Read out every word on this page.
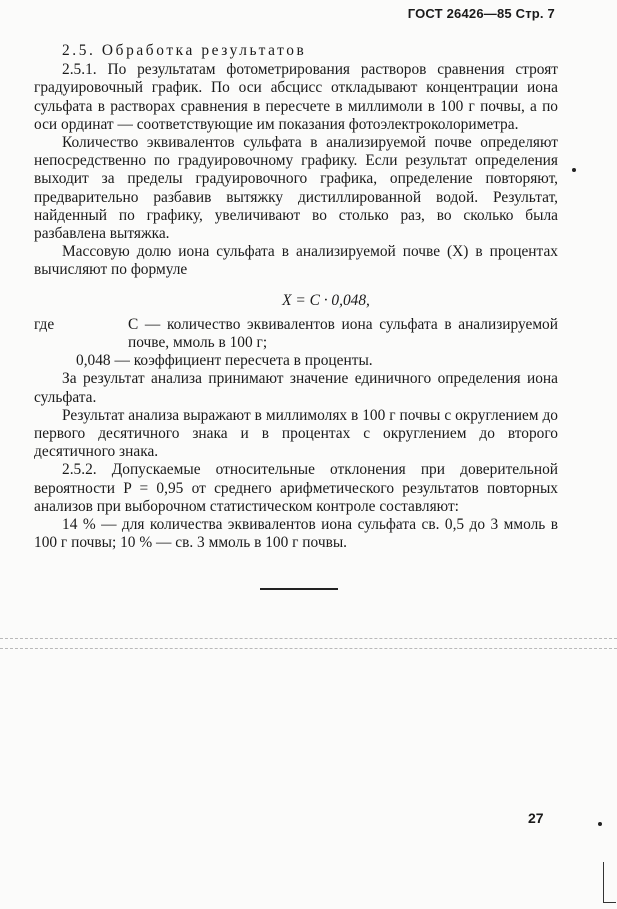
ГОСТ 26426—85 Стр. 7

2.5. Обработка результатов

2.5.1. По результатам фотометрирования растворов сравнения строят градуировочный график. По оси абсцисс откладывают концентрации иона сульфата в растворах сравнения в пересчете в миллимоли в 100 г почвы, а по оси ординат — соответствующие им показания фотоэлектроколориметра.

Количество эквивалентов сульфата в анализируемой почве определяют непосредственно по градуировочному графику. Если результат определения выходит за пределы градуировочного графика, определение повторяют, предварительно разбавив вытяжку дистиллированной водой. Результат, найденный по графику, увеличивают во столько раз, во сколько была разбавлена вытяжка.

Массовую долю иона сульфата в анализируемой почве (X) в процентах вычисляют по формуле

X = C · 0,048,

где	C — количество эквивалентов иона сульфата в анализируемой почве, ммоль в 100 г;

0,048 — коэффициент пересчета в проценты.

За результат анализа принимают значение единичного определения иона сульфата.

Результат анализа выражают в миллимолях в 100 г почвы с округлением до первого десятичного знака и в процентах с округлением до второго десятичного знака.

2.5.2. Допускаемые относительные отклонения при доверительной вероятности P = 0,95 от среднего арифметического результатов повторных анализов при выборочном статистическом контроле составляют:

14 % — для количества эквивалентов иона сульфата св. 0,5 до 3 ммоль в 100 г почвы; 10 % — св. 3 ммоль в 100 г почвы.

27
